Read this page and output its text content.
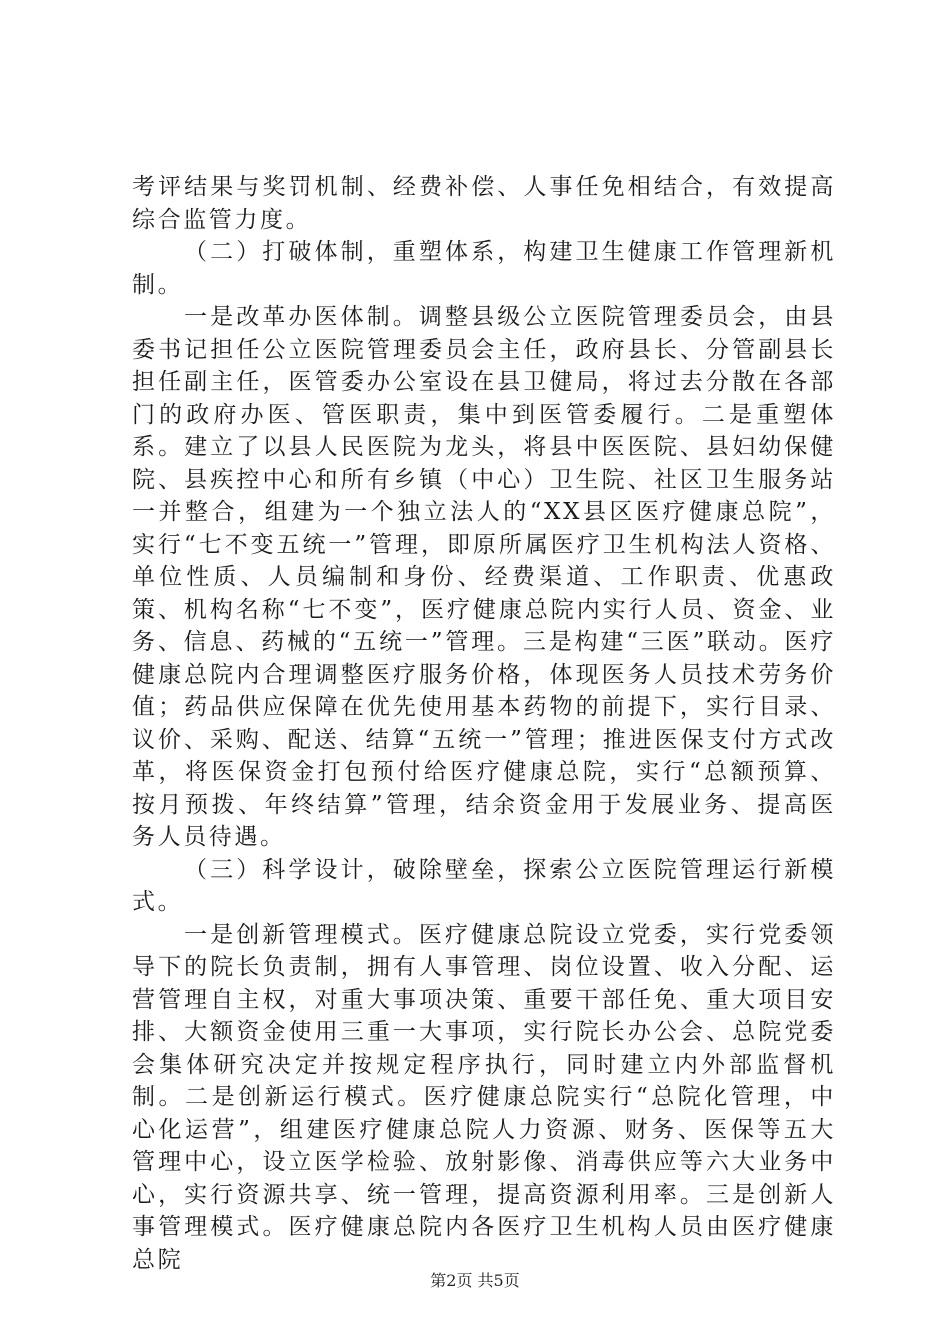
考评结果与奖罚机制、经费补偿、人事任免相结合，有效提高综合监管力度。

（二）打破体制，重塑体系，构建卫生健康工作管理新机制。

一是改革办医体制。调整县级公立医院管理委员会，由县委书记担任公立医院管理委员会主任，政府县长、分管副县长担任副主任，医管委办公室设在县卫健局，将过去分散在各部门的政府办医、管医职责，集中到医管委履行。二是重塑体系。建立了以县人民医院为龙头，将县中医医院、县妇幼保健院、县疾控中心和所有乡镇（中心）卫生院、社区卫生服务站一并整合，组建为一个独立法人的“XX县区医疗健康总院”，实行“七不变五统一”管理，即原所属医疗卫生机构法人资格、单位性质、人员编制和身份、经费渠道、工作职责、优惠政策、机构名称“七不变”，医疗健康总院内实行人员、资金、业务、信息、药械的“五统一”管理。三是构建“三医”联动。医疗健康总院内合理调整医疗服务价格，体现医务人员技术劳务价值；药品供应保障在优先使用基本药物的前提下，实行目录、议价、采购、配送、结算“五统一”管理；推进医保支付方式改革，将医保资金打包预付给医疗健康总院，实行“总额预算、按月预拨、年终结算”管理，结余资金用于发展业务、提高医务人员待遇。

（三）科学设计，破除壁垒，探索公立医院管理运行新模式。

一是创新管理模式。医疗健康总院设立党委，实行党委领导下的院长负责制，拥有人事管理、岗位设置、收入分配、运营管理自主权，对重大事项决策、重要干部任免、重大项目安排、大额资金使用三重一大事项，实行院长办公会、总院党委会集体研究决定并按规定程序执行，同时建立内外部监督机制。二是创新运行模式。医疗健康总院实行“总院化管理，中心化运营”，组建医疗健康总院人力资源、财务、医保等五大管理中心，设立医学检验、放射影像、消毒供应等六大业务中心，实行资源共享、统一管理，提高资源利用率。三是创新人事管理模式。医疗健康总院内各医疗卫生机构人员由医疗健康总院

第2页 共5页
